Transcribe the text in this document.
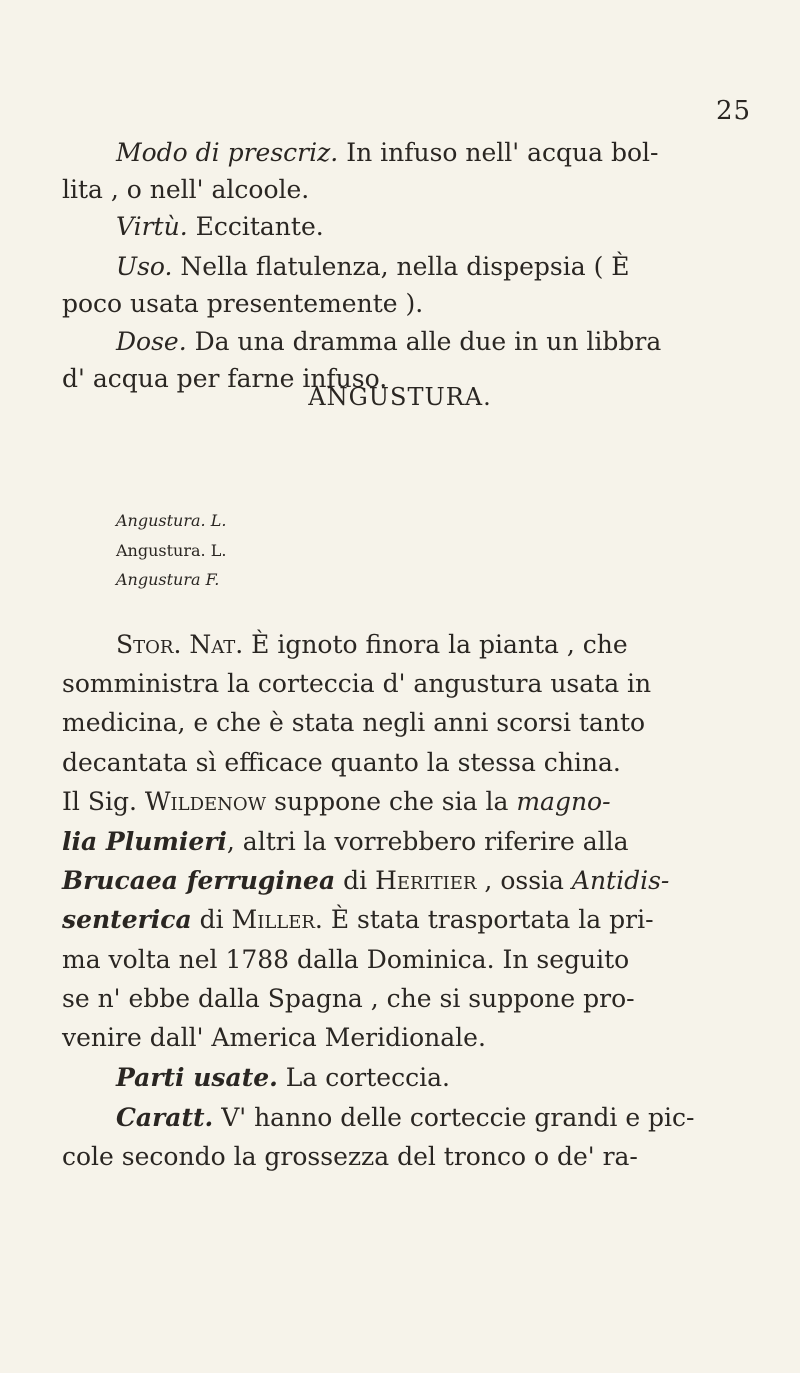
25
Modo di prescriz. In infuso nell' acqua bol-
lita , o nell' alcoole.
Virtù. Eccitante.
Uso. Nella flatulenza, nella dispepsia ( È
poco usata presentemente ).
Dose. Da una dramma alle due in un libbra
d' acqua per farne infuso.
ANGUSTURA.
Angustura. L.
Angustura. L.
Angustura F.
Stor. Nat. È ignoto finora la pianta , che
somministra la corteccia d' angustura usata in
medicina, e che è stata negli anni scorsi tanto
decantata sì efficace quanto la stessa china.
Il Sig. Wildenow suppone che sia la magno-
lia Plumieri, altri la vorrebbero riferire alla
Brucaea ferruginea di Heritier , ossia Antidis-
senterica di Miller. È stata trasportata la pri-
ma volta nel 1788 dalla Dominica. In seguito
se n' ebbe dalla Spagna , che si suppone pro-
venire dall' America Meridionale.
Parti usate. La corteccia.
Caratt. V' hanno delle corteccie grandi e pic-
cole secondo la grossezza del tronco o de' ra-
